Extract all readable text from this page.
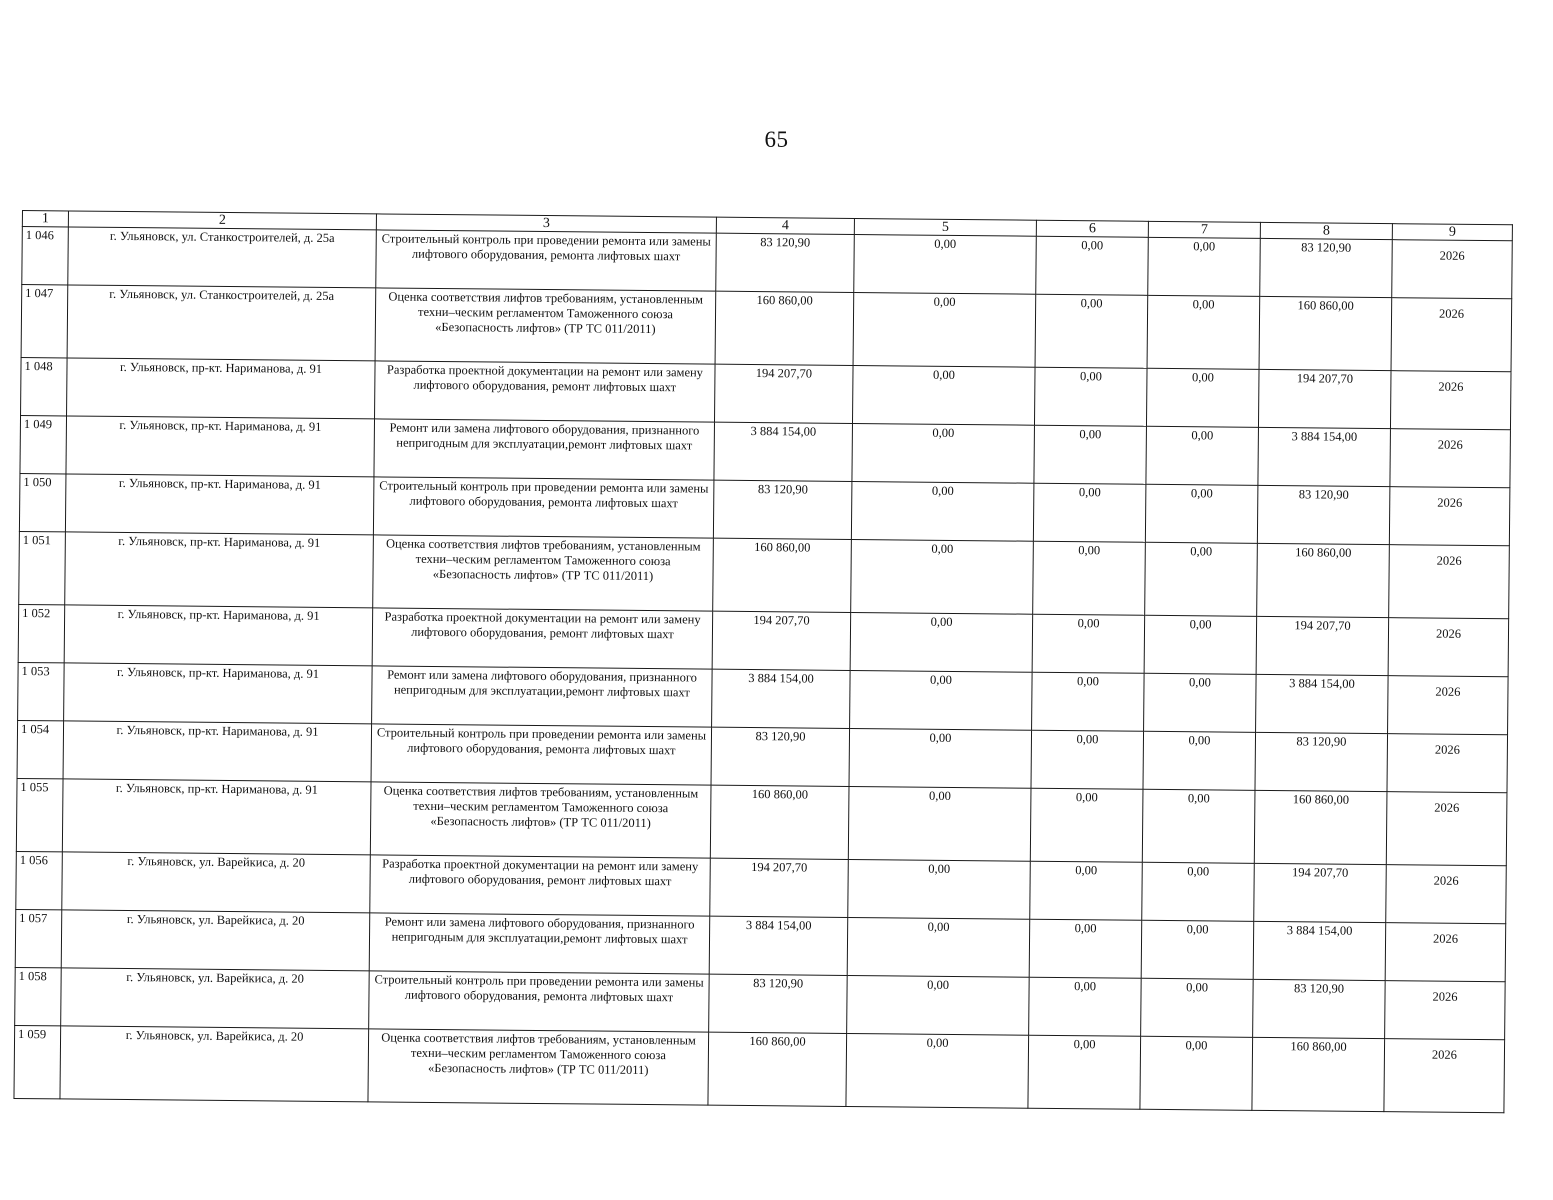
65
1	2	3	4	5	6	7	8	9
1 046	г. Ульяновск, ул. Станкостроителей, д. 25а	Строительный контроль при проведении ремонта или замены лифтового оборудования, ремонта лифтовых шахт	83 120,90	0,00	0,00	0,00	83 120,90	2026
1 047	г. Ульяновск, ул. Станкостроителей, д. 25а	Оценка соответствия лифтов требованиям, установленным техни–ческим регламентом Таможенного союза «Безопасность лифтов» (ТР ТС 011/2011)	160 860,00	0,00	0,00	0,00	160 860,00	2026
1 048	г. Ульяновск, пр-кт. Нариманова, д. 91	Разработка проектной документации на ремонт или замену лифтового оборудования, ремонт лифтовых шахт	194 207,70	0,00	0,00	0,00	194 207,70	2026
1 049	г. Ульяновск, пр-кт. Нариманова, д. 91	Ремонт или замена лифтового оборудования, признанного непригодным для эксплуатации,ремонт лифтовых шахт	3 884 154,00	0,00	0,00	0,00	3 884 154,00	2026
1 050	г. Ульяновск, пр-кт. Нариманова, д. 91	Строительный контроль при проведении ремонта или замены лифтового оборудования, ремонта лифтовых шахт	83 120,90	0,00	0,00	0,00	83 120,90	2026
1 051	г. Ульяновск, пр-кт. Нариманова, д. 91	Оценка соответствия лифтов требованиям, установленным техни–ческим регламентом Таможенного союза «Безопасность лифтов» (ТР ТС 011/2011)	160 860,00	0,00	0,00	0,00	160 860,00	2026
1 052	г. Ульяновск, пр-кт. Нариманова, д. 91	Разработка проектной документации на ремонт или замену лифтового оборудования, ремонт лифтовых шахт	194 207,70	0,00	0,00	0,00	194 207,70	2026
1 053	г. Ульяновск, пр-кт. Нариманова, д. 91	Ремонт или замена лифтового оборудования, признанного непригодным для эксплуатации,ремонт лифтовых шахт	3 884 154,00	0,00	0,00	0,00	3 884 154,00	2026
1 054	г. Ульяновск, пр-кт. Нариманова, д. 91	Строительный контроль при проведении ремонта или замены лифтового оборудования, ремонта лифтовых шахт	83 120,90	0,00	0,00	0,00	83 120,90	2026
1 055	г. Ульяновск, пр-кт. Нариманова, д. 91	Оценка соответствия лифтов требованиям, установленным техни–ческим регламентом Таможенного союза «Безопасность лифтов» (ТР ТС 011/2011)	160 860,00	0,00	0,00	0,00	160 860,00	2026
1 056	г. Ульяновск, ул. Варейкиса, д. 20	Разработка проектной документации на ремонт или замену лифтового оборудования, ремонт лифтовых шахт	194 207,70	0,00	0,00	0,00	194 207,70	2026
1 057	г. Ульяновск, ул. Варейкиса, д. 20	Ремонт или замена лифтового оборудования, признанного непригодным для эксплуатации,ремонт лифтовых шахт	3 884 154,00	0,00	0,00	0,00	3 884 154,00	2026
1 058	г. Ульяновск, ул. Варейкиса, д. 20	Строительный контроль при проведении ремонта или замены лифтового оборудования, ремонта лифтовых шахт	83 120,90	0,00	0,00	0,00	83 120,90	2026
1 059	г. Ульяновск, ул. Варейкиса, д. 20	Оценка соответствия лифтов требованиям, установленным техни–ческим регламентом Таможенного союза «Безопасность лифтов» (ТР ТС 011/2011)	160 860,00	0,00	0,00	0,00	160 860,00	2026
